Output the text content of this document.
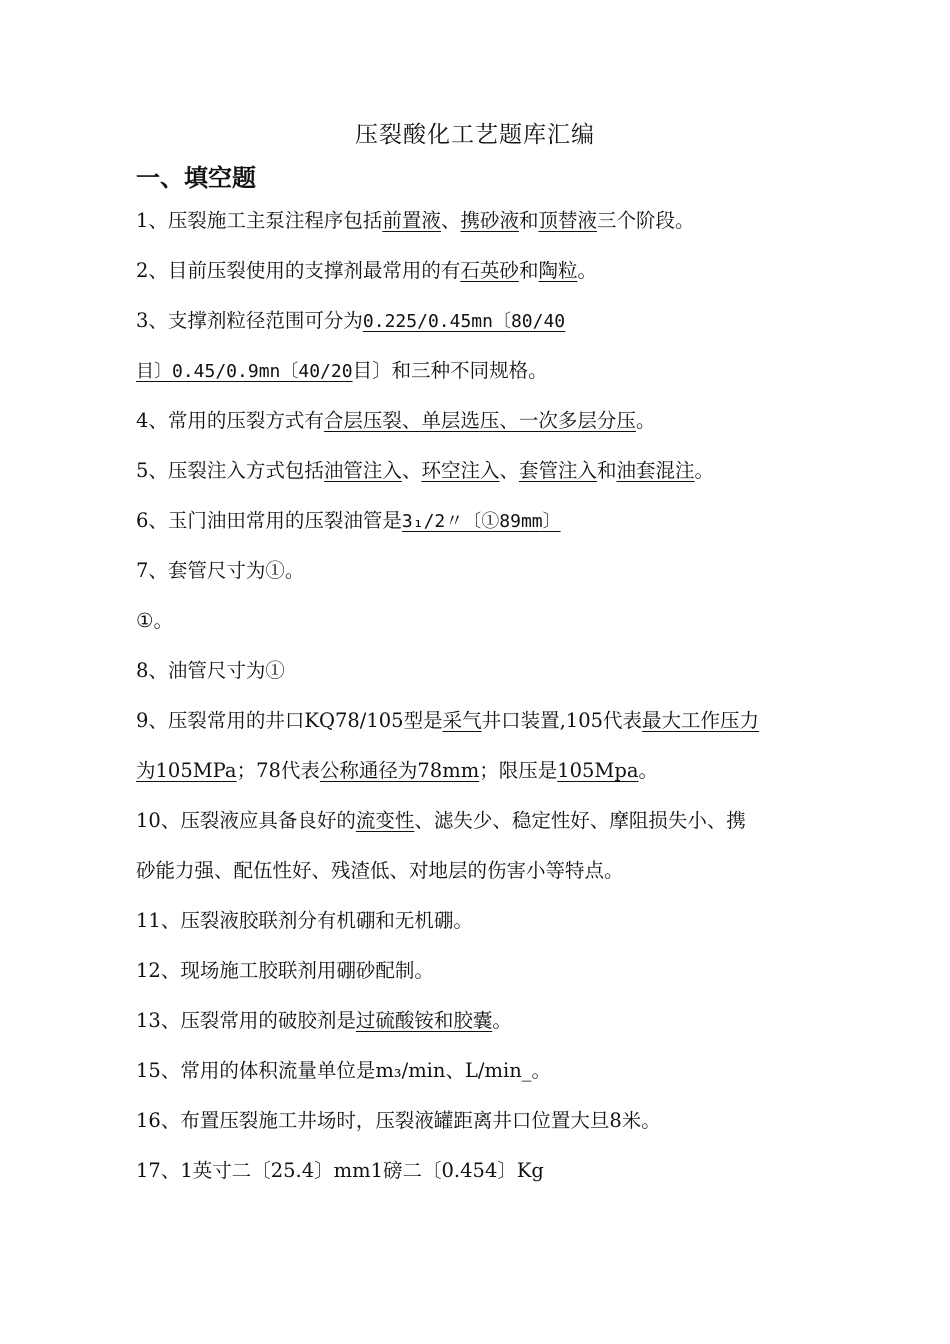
压裂酸化工艺题库汇编
一、填空题
1、压裂施工主泵注程序包括前置液、携砂液和顶替液三个阶段。
2、目前压裂使用的支撑剂最常用的有石英砂和陶粒。
3、支撑剂粒径范围可分为0.225/0.45mn〔80/40
目〕0.45/0.9mn〔40/20目〕和三种不同规格。
4、常用的压裂方式有合层压裂、单层选压、一次多层分压。
5、压裂注入方式包括油管注入、环空注入、套管注入和油套混注。
6、玉门油田常用的压裂油管是3₁/2〃〔①89mm〕
7、套管尺寸为①。
①。
8、油管尺寸为①
9、压裂常用的井口KQ78/105型是采气井口装置,105代表最大工作压力
为105MPa；78代表公称通径为78mm；限压是105Mpa。
10、压裂液应具备良好的流变性、滤失少、稳定性好、摩阻损失小、携
砂能力强、配伍性好、残渣低、对地层的伤害小等特点。
11、压裂液胶联剂分有机硼和无机硼。
12、现场施工胶联剂用硼砂配制。
13、压裂常用的破胶剂是过硫酸铵和胶囊。
15、常用的体积流量单位是m₃/min、L/min_。
16、布置压裂施工井场时，压裂液罐距离井口位置大旦8米。
17、1英寸二〔25.4〕mm1磅二〔0.454〕Kg
